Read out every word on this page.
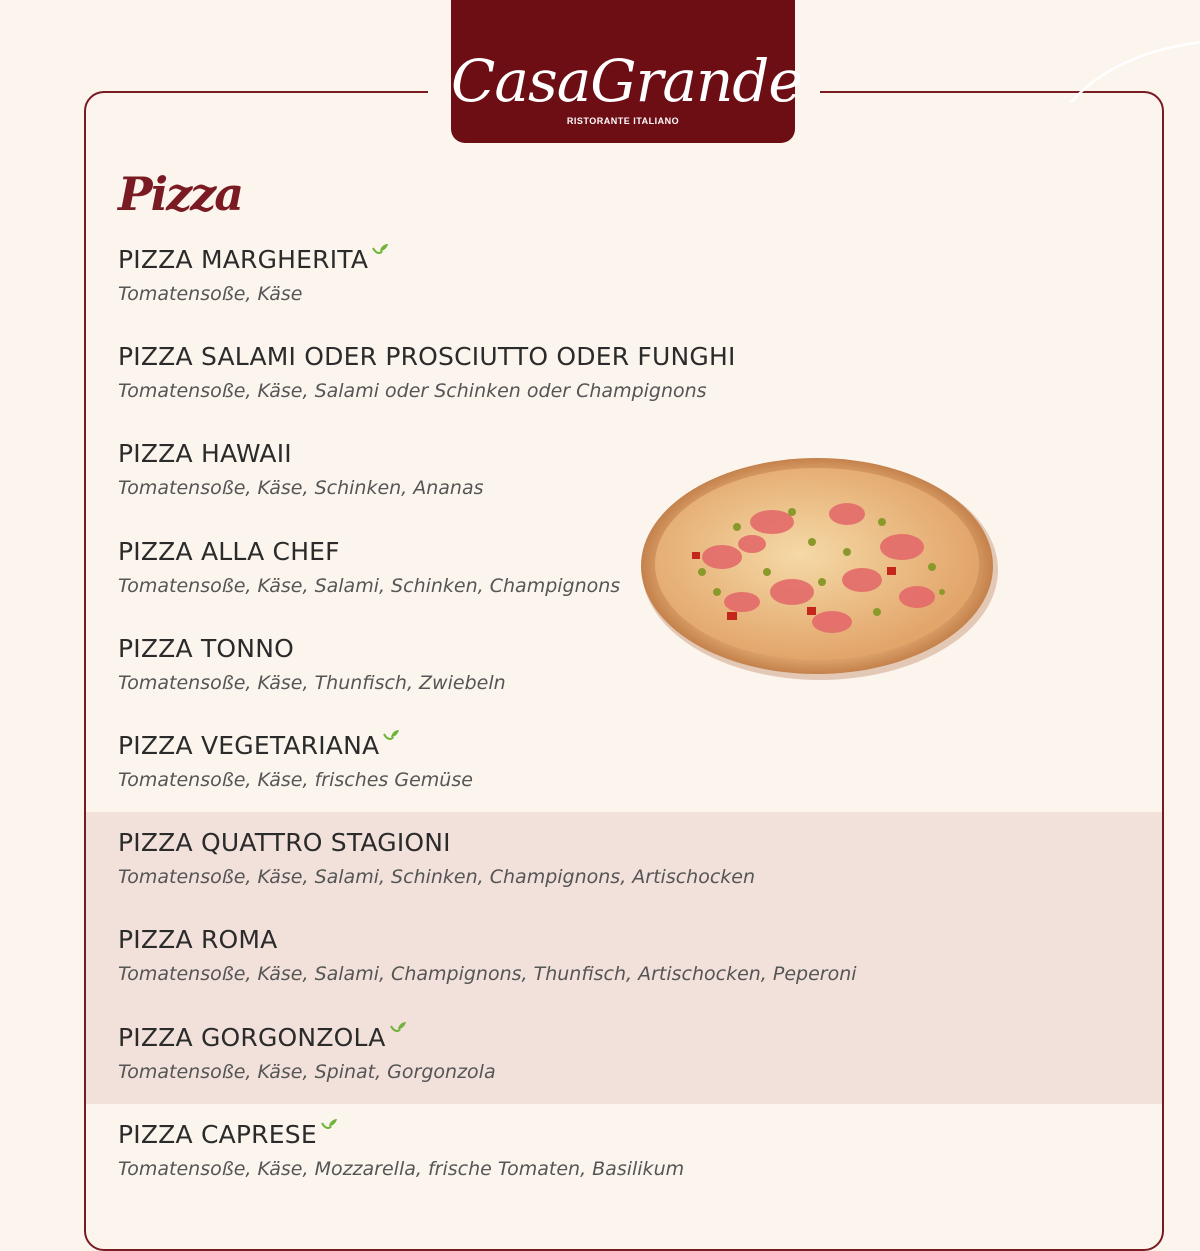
CasaGrande
RISTORANTE ITALIANO
Pizza
PIZZA MARGHERITA
Tomatensoße, Käse
PIZZA SALAMI ODER PROSCIUTTO ODER FUNGHI
Tomatensoße, Käse, Salami oder Schinken oder Champignons
PIZZA HAWAII
Tomatensoße, Käse, Schinken, Ananas
PIZZA ALLA CHEF
Tomatensoße, Käse, Salami, Schinken, Champignons
PIZZA TONNO
Tomatensoße, Käse, Thunfisch, Zwiebeln
PIZZA VEGETARIANA
Tomatensoße, Käse, frisches Gemüse
PIZZA QUATTRO STAGIONI
Tomatensoße, Käse, Salami, Schinken, Champignons, Artischocken
PIZZA ROMA
Tomatensoße, Käse, Salami, Champignons, Thunfisch, Artischocken, Peperoni
PIZZA GORGONZOLA
Tomatensoße, Käse, Spinat, Gorgonzola
PIZZA CAPRESE
Tomatensoße, Käse, Mozzarella, frische Tomaten, Basilikum
